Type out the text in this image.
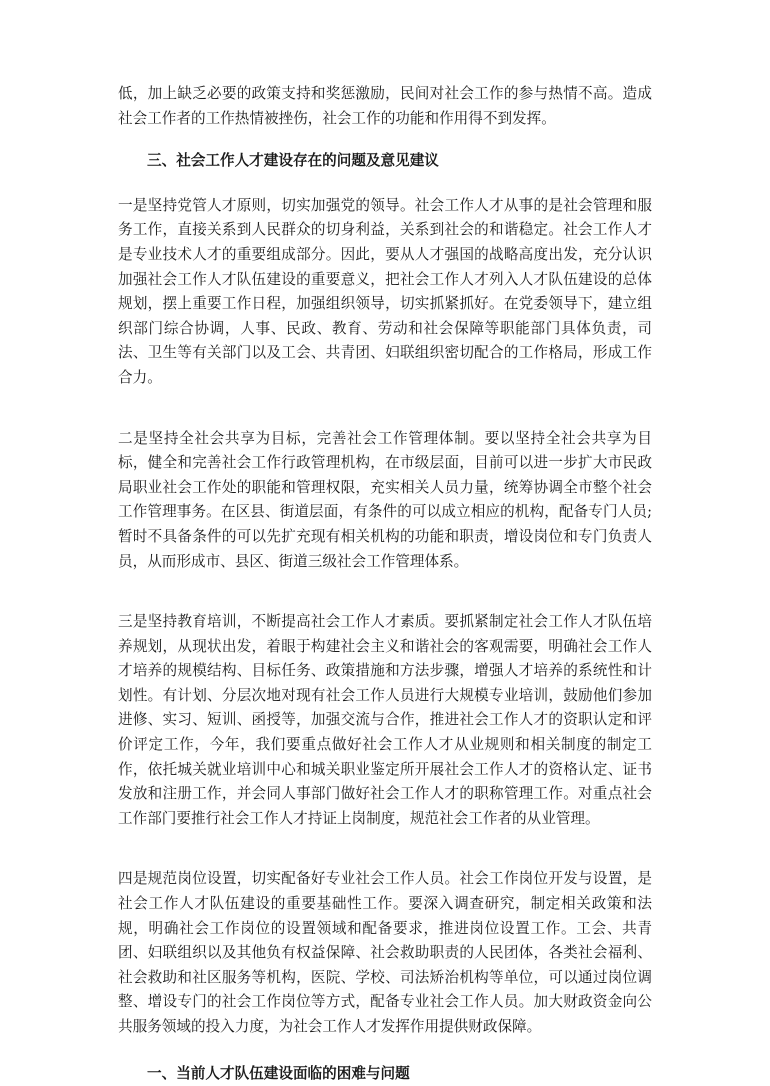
低，加上缺乏必要的政策支持和奖惩激励，民间对社会工作的参与热情不高。造成社会工作者的工作热情被挫伤，社会工作的功能和作用得不到发挥。

三、社会工作人才建设存在的问题及意见建议

一是坚持党管人才原则，切实加强党的领导。社会工作人才从事的是社会管理和服务工作，直接关系到人民群众的切身利益，关系到社会的和谐稳定。社会工作人才是专业技术人才的重要组成部分。因此，要从人才强国的战略高度出发，充分认识加强社会工作人才队伍建设的重要意义，把社会工作人才列入人才队伍建设的总体规划，摆上重要工作日程，加强组织领导，切实抓紧抓好。在党委领导下，建立组织部门综合协调，人事、民政、教育、劳动和社会保障等职能部门具体负责，司法、卫生等有关部门以及工会、共青团、妇联组织密切配合的工作格局，形成工作合力。

二是坚持全社会共享为目标，完善社会工作管理体制。要以坚持全社会共享为目标，健全和完善社会工作行政管理机构，在市级层面，目前可以进一步扩大市民政局职业社会工作处的职能和管理权限，充实相关人员力量，统筹协调全市整个社会工作管理事务。在区县、街道层面，有条件的可以成立相应的机构，配备专门人员;暂时不具备条件的可以先扩充现有相关机构的功能和职责，增设岗位和专门负责人员，从而形成市、县区、街道三级社会工作管理体系。

三是坚持教育培训，不断提高社会工作人才素质。要抓紧制定社会工作人才队伍培养规划，从现状出发，着眼于构建社会主义和谐社会的客观需要，明确社会工作人才培养的规模结构、目标任务、政策措施和方法步骤，增强人才培养的系统性和计划性。有计划、分层次地对现有社会工作人员进行大规模专业培训，鼓励他们参加进修、实习、短训、函授等，加强交流与合作，推进社会工作人才的资职认定和评价评定工作，今年，我们要重点做好社会工作人才从业规则和相关制度的制定工作，依托城关就业培训中心和城关职业鉴定所开展社会工作人才的资格认定、证书发放和注册工作，并会同人事部门做好社会工作人才的职称管理工作。对重点社会工作部门要推行社会工作人才持证上岗制度，规范社会工作者的从业管理。

四是规范岗位设置，切实配备好专业社会工作人员。社会工作岗位开发与设置，是社会工作人才队伍建设的重要基础性工作。要深入调查研究，制定相关政策和法规，明确社会工作岗位的设置领域和配备要求，推进岗位设置工作。工会、共青团、妇联组织以及其他负有权益保障、社会救助职责的人民团体，各类社会福利、社会救助和社区服务等机构，医院、学校、司法矫治机构等单位，可以通过岗位调整、增设专门的社会工作岗位等方式，配备专业社会工作人员。加大财政资金向公共服务领域的投入力度，为社会工作人才发挥作用提供财政保障。

一、当前人才队伍建设面临的困难与问题
